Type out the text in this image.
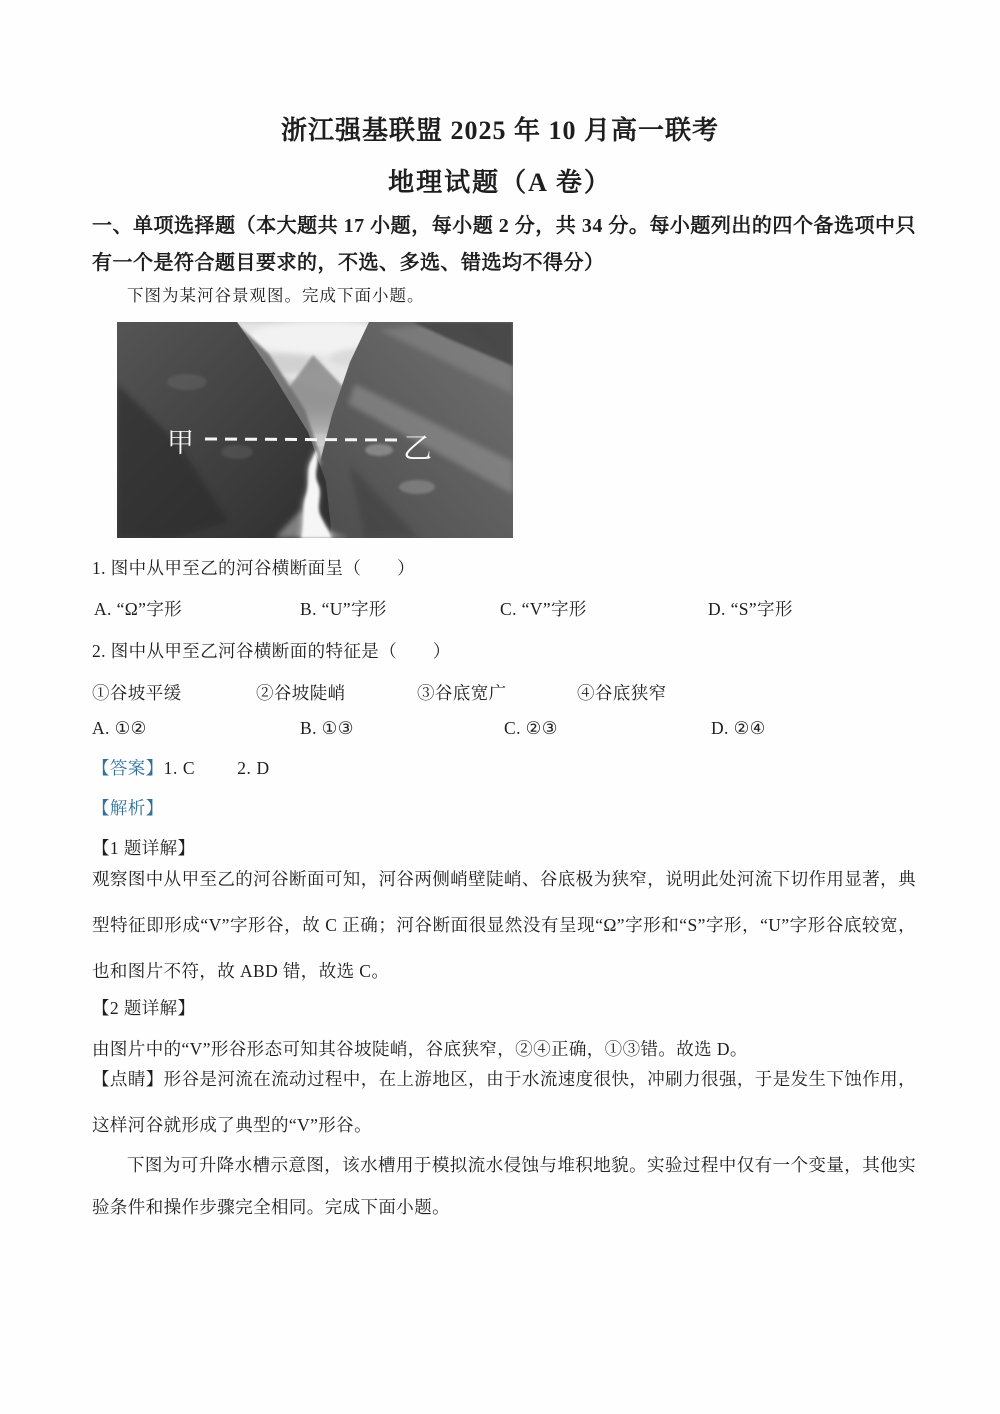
浙江强基联盟 2025 年 10 月高一联考
地理试题（A 卷）
一、单项选择题（本大题共 17 小题，每小题 2 分，共 34 分。每小题列出的四个备选项中只有一个是符合题目要求的，不选、多选、错选均不得分）
下图为某河谷景观图。完成下面小题。
甲	乙
1. 图中从甲至乙的河谷横断面呈（　　）
A. “Ω”字形	B. “U”字形	C. “V”字形	D. “S”字形
2. 图中从甲至乙河谷横断面的特征是（　　）
①谷坡平缓	②谷坡陡峭	③谷底宽广	④谷底狭窄
A. ①②	B. ①③	C. ②③	D. ②④
【答案】1. C 2. D
【解析】
【1 题详解】
观察图中从甲至乙的河谷断面可知，河谷两侧峭壁陡峭、谷底极为狭窄，说明此处河流下切作用显著，典型特征即形成“V”字形谷，故 C 正确；河谷断面很显然没有呈现“Ω”字形和“S”字形，“U”字形谷底较宽，也和图片不符，故 ABD 错，故选 C。
【2 题详解】
由图片中的“V”形谷形态可知其谷坡陡峭，谷底狭窄，②④正确，①③错。故选 D。
【点睛】形谷是河流在流动过程中，在上游地区，由于水流速度很快，冲刷力很强，于是发生下蚀作用，这样河谷就形成了典型的“V”形谷。
下图为可升降水槽示意图，该水槽用于模拟流水侵蚀与堆积地貌。实验过程中仅有一个变量，其他实验条件和操作步骤完全相同。完成下面小题。
